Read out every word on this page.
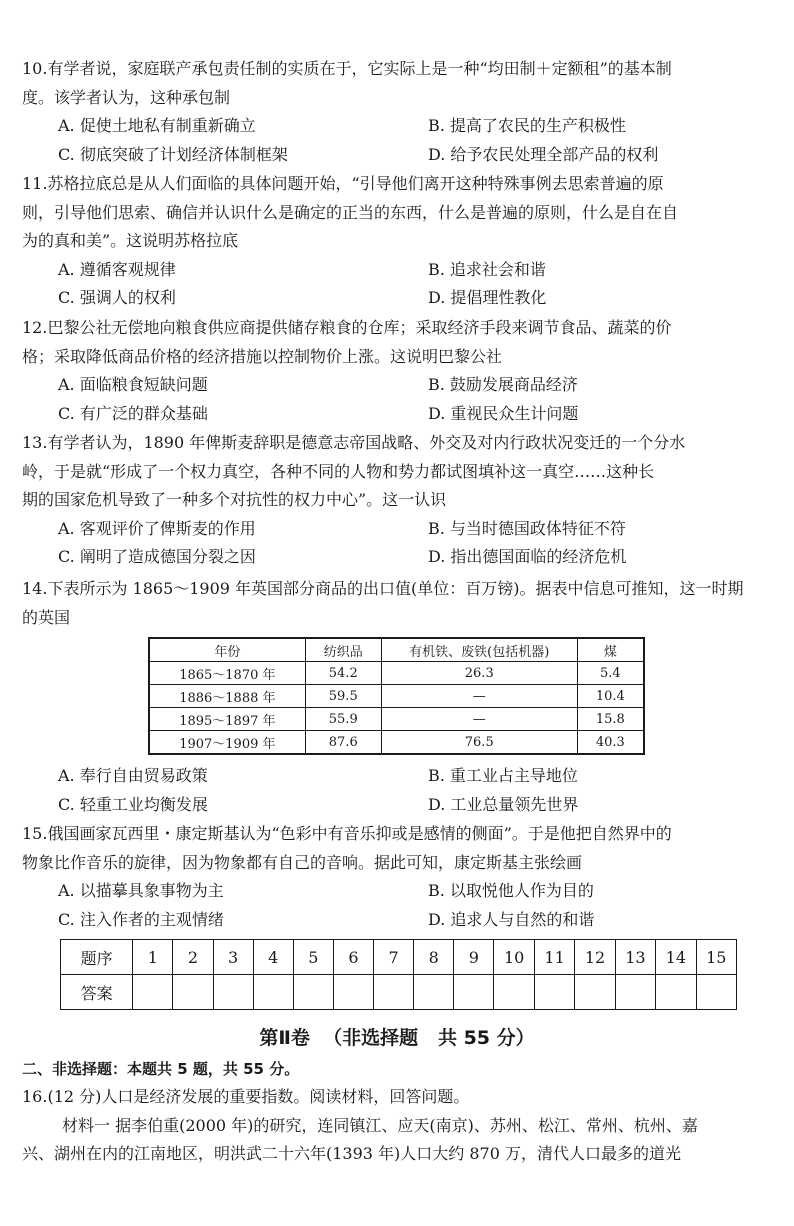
10.有学者说，家庭联产承包责任制的实质在于，它实际上是一种“均田制＋定额租”的基本制
度。该学者认为，这种承包制
A. 促使土地私有制重新确立	B. 提高了农民的生产积极性
C. 彻底突破了计划经济体制框架	D. 给予农民处理全部产品的权利
11.苏格拉底总是从人们面临的具体问题开始，“引导他们离开这种特殊事例去思索普遍的原
则，引导他们思索、确信并认识什么是确定的正当的东西，什么是普遍的原则，什么是自在自
为的真和美”。这说明苏格拉底
A. 遵循客观规律	B. 追求社会和谐
C. 强调人的权利	D. 提倡理性教化
12.巴黎公社无偿地向粮食供应商提供储存粮食的仓库；采取经济手段来调节食品、蔬菜的价
格；采取降低商品价格的经济措施以控制物价上涨。这说明巴黎公社
A. 面临粮食短缺问题	B. 鼓励发展商品经济
C. 有广泛的群众基础	D. 重视民众生计问题
13.有学者认为，1890 年俾斯麦辞职是德意志帝国战略、外交及对内行政状况变迁的一个分水
岭，于是就“形成了一个权力真空，各种不同的人物和势力都试图填补这一真空……这种长
期的国家危机导致了一种多个对抗性的权力中心”。这一认识
A. 客观评价了俾斯麦的作用	B. 与当时德国政体特征不符
C. 阐明了造成德国分裂之因	D. 指出德国面临的经济危机
14.下表所示为 1865～1909 年英国部分商品的出口值(单位：百万镑)。据表中信息可推知，这一时期
的英国
年份	纺织品	有机铁、废铁(包括机器)	煤
1865～1870 年	54.2	26.3	5.4
1886～1888 年	59.5	—	10.4
1895～1897 年	55.9	—	15.8
1907～1909 年	87.6	76.5	40.3
A. 奉行自由贸易政策	B. 重工业占主导地位
C. 轻重工业均衡发展	D. 工业总量领先世界
15.俄国画家瓦西里・康定斯基认为“色彩中有音乐抑或是感情的侧面”。于是他把自然界中的
物象比作音乐的旋律，因为物象都有自己的音响。据此可知，康定斯基主张绘画
A. 以描摹具象事物为主	B. 以取悦他人作为目的
C. 注入作者的主观情绪	D. 追求人与自然的和谐
题序	1	2	3	4	5	6	7	8	9	10	11	12	13	14	15
答案															
第Ⅱ卷  （非选择题   共 55 分）
二、非选择题：本题共 5 题，共 55 分。
16.(12 分)人口是经济发展的重要指数。阅读材料，回答问题。
材料一 据李伯重(2000 年)的研究，连同镇江、应天(南京)、苏州、松江、常州、杭州、嘉
兴、湖州在内的江南地区，明洪武二十六年(1393 年)人口大约 870 万，清代人口最多的道光
